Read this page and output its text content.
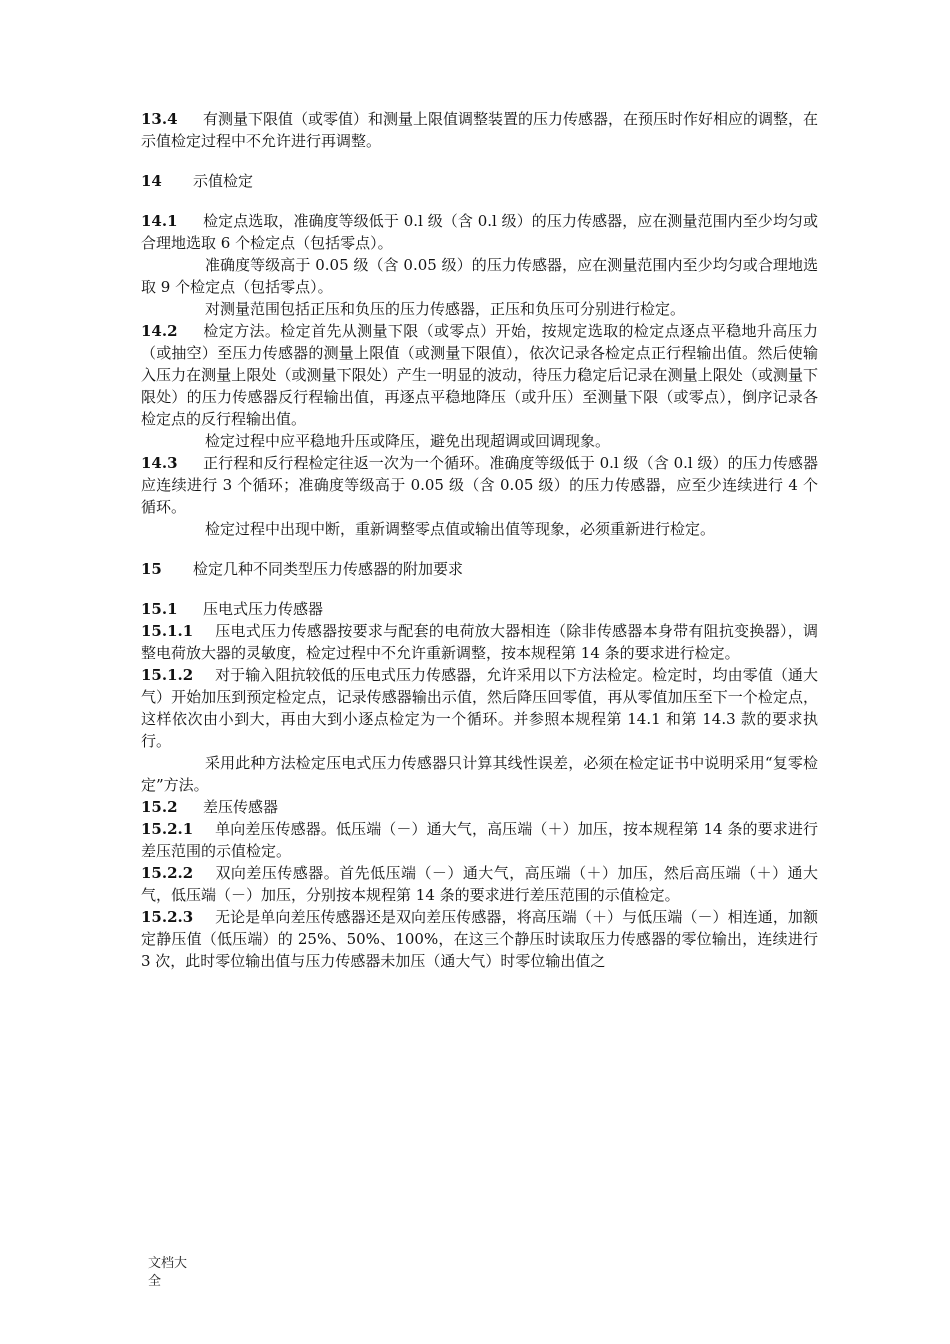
13.4 有测量下限值（或零值）和测量上限值调整装置的压力传感器，在预压时作好相应的调整，在示值检定过程中不允许进行再调整。

14 示值检定

14.1 检定点选取，准确度等级低于 0.l 级（含 0.l 级）的压力传感器，应在测量范围内至少均匀或合理地选取 6 个检定点（包括零点）。

准确度等级高于 0.05 级（含 0.05 级）的压力传感器，应在测量范围内至少均匀或合理地选取 9 个检定点（包括零点）。

对测量范围包括正压和负压的压力传感器，正压和负压可分别进行检定。

14.2 检定方法。检定首先从测量下限（或零点）开始，按规定选取的检定点逐点平稳地升高压力（或抽空）至压力传感器的测量上限值（或测量下限值），依次记录各检定点正行程输出值。然后使输入压力在测量上限处（或测量下限处）产生一明显的波动，待压力稳定后记录在测量上限处（或测量下限处）的压力传感器反行程输出值，再逐点平稳地降压（或升压）至测量下限（或零点），倒序记录各检定点的反行程输出值。

检定过程中应平稳地升压或降压，避免出现超调或回调现象。

14.3 正行程和反行程检定往返一次为一个循环。准确度等级低于 0.l 级（含 0.l 级）的压力传感器应连续进行 3 个循环；准确度等级高于 0.05 级（含 0.05 级）的压力传感器，应至少连续进行 4 个循环。

检定过程中出现中断，重新调整零点值或输出值等现象，必须重新进行检定。

15 检定几种不同类型压力传感器的附加要求

15.1 压电式压力传感器

15.1.1 压电式压力传感器按要求与配套的电荷放大器相连（除非传感器本身带有阻抗变换器），调整电荷放大器的灵敏度，检定过程中不允许重新调整，按本规程第 14 条的要求进行检定。

15.1.2 对于输入阻抗较低的压电式压力传感器，允许采用以下方法检定。检定时，均由零值（通大气）开始加压到预定检定点，记录传感器输出示值，然后降压回零值，再从零值加压至下一个检定点，这样依次由小到大，再由大到小逐点检定为一个循环。并参照本规程第 14.1 和第 14.3 款的要求执行。

采用此种方法检定压电式压力传感器只计算其线性误差，必须在检定证书中说明采用“复零检定”方法。

15.2 差压传感器

15.2.1 单向差压传感器。低压端（－）通大气，高压端（＋）加压，按本规程第 14 条的要求进行差压范围的示值检定。

15.2.2 双向差压传感器。首先低压端（－）通大气，高压端（＋）加压，然后高压端（＋）通大气，低压端（－）加压，分别按本规程第 14 条的要求进行差压范围的示值检定。

15.2.3 无论是单向差压传感器还是双向差压传感器，将高压端（＋）与低压端（－）相连通，加额定静压值（低压端）的 25%、50%、100%，在这三个静压时读取压力传感器的零位输出，连续进行 3 次，此时零位输出值与压力传感器未加压（通大气）时零位输出值之

文档大
全
